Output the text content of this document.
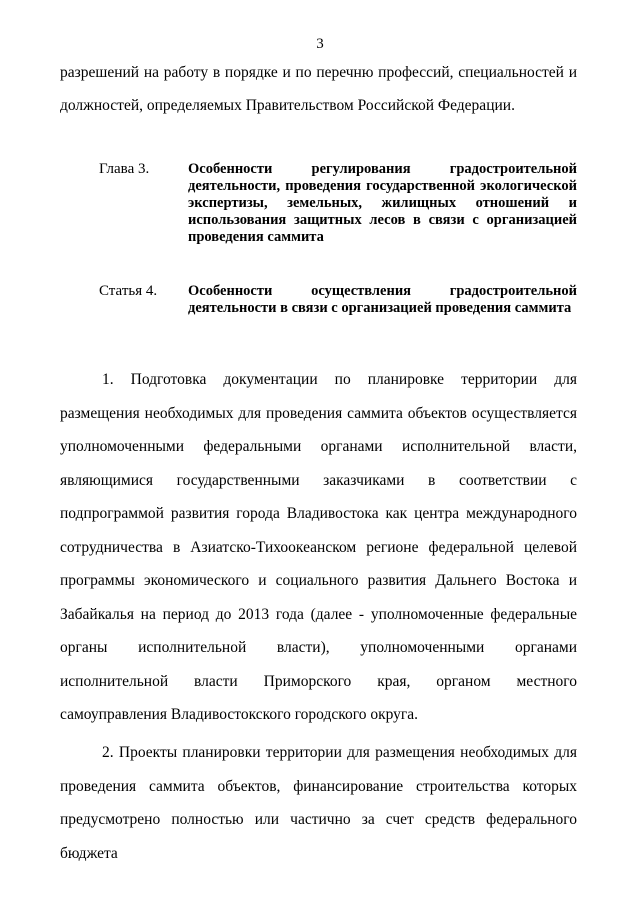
3
разрешений на работу в порядке и по перечню профессий, специальностей и должностей, определяемых Правительством Российской Федерации.
Глава 3.	Особенности регулирования градостроительной деятельности, проведения государственной экологической экспертизы, земельных, жилищных отношений и использования защитных лесов в связи с организацией проведения саммита
Статья 4. Особенности осуществления градостроительной деятельности в связи с организацией проведения саммита
1. Подготовка документации по планировке территории для размещения необходимых для проведения саммита объектов осуществляется уполномоченными федеральными органами исполнительной власти, являющимися государственными заказчиками в соответствии с подпрограммой развития города Владивостока как центра международного сотрудничества в Азиатско-Тихоокеанском регионе федеральной целевой программы экономического и социального развития Дальнего Востока и Забайкалья на период до 2013 года (далее - уполномоченные федеральные органы исполнительной власти), уполномоченными органами исполнительной власти Приморского края, органом местного самоуправления Владивостокского городского округа.
2. Проекты планировки территории для размещения необходимых для проведения саммита объектов, финансирование строительства которых предусмотрено полностью или частично за счет средств федерального бюджета
